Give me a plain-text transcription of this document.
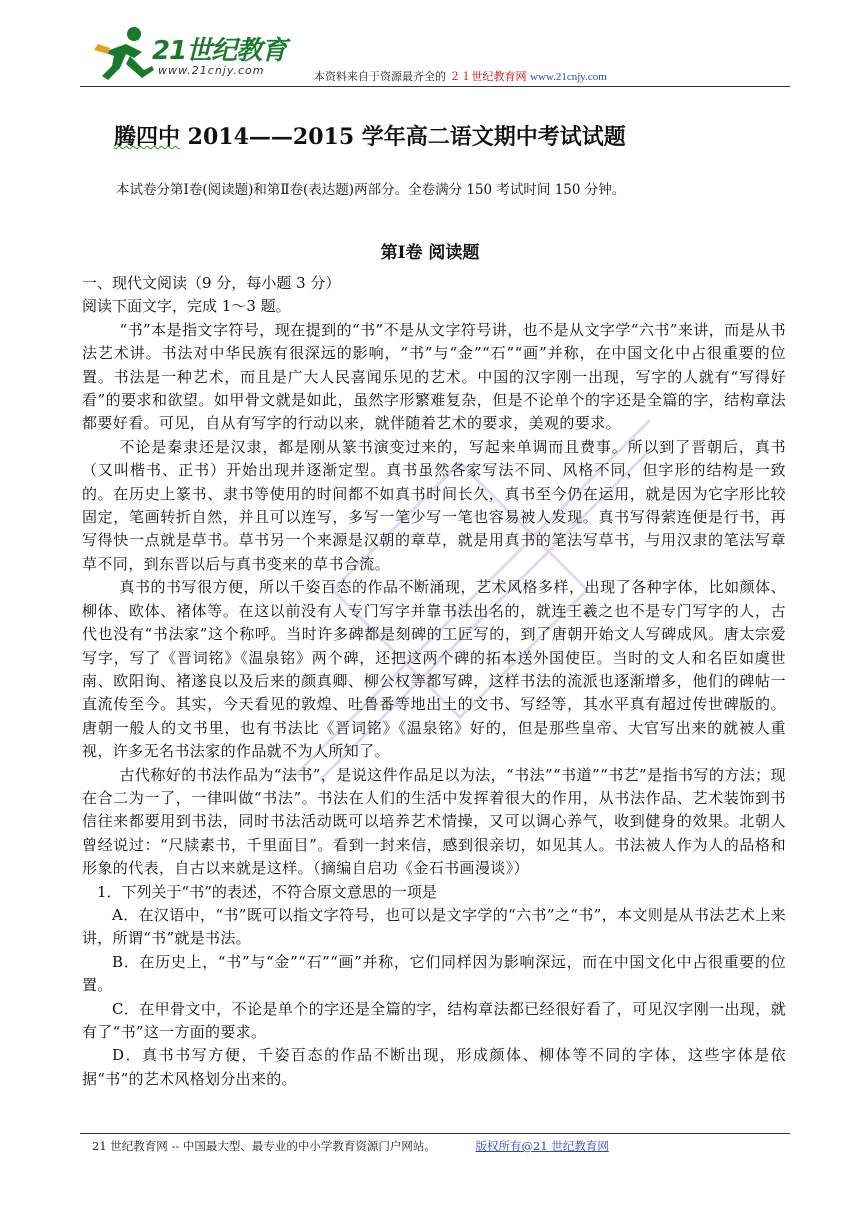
21世纪教育
www.21cnjy.com	本资料来自于资源最齐全的 ２１世纪教育网 www.21cnjy.com
腾四中 2014——2015 学年高二语文期中考试试题
本试卷分第Ⅰ卷(阅读题)和第Ⅱ卷(表达题)两部分。全卷满分 150 考试时间 150 分钟。
第Ⅰ卷 阅读题

一、现代文阅读（9 分，每小题 3 分）

阅读下面文字，完成 1～3 题。

“书”本是指文字符号，现在提到的“书”不是从文字符号讲，也不是从文字学“六书”来讲，而是从书法艺术讲。书法对中华民族有很深远的影响，“书”与“金”“石”“画”并称，在中国文化中占很重要的位置。书法是一种艺术，而且是广大人民喜闻乐见的艺术。中国的汉字刚一出现，写字的人就有“写得好看”的要求和欲望。如甲骨文就是如此，虽然字形繁难复杂，但是不论单个的字还是全篇的字，结构章法都要好看。可见，自从有写字的行动以来，就伴随着艺术的要求，美观的要求。

不论是秦隶还是汉隶，都是刚从篆书演变过来的，写起来单调而且费事。所以到了晋朝后，真书（又叫楷书、正书）开始出现并逐渐定型。真书虽然各家写法不同、风格不同，但字形的结构是一致的。在历史上篆书、隶书等使用的时间都不如真书时间长久，真书至今仍在运用，就是因为它字形比较固定，笔画转折自然，并且可以连写，多写一笔少写一笔也容易被人发现。真书写得萦连便是行书，再写得快一点就是草书。草书另一个来源是汉朝的章草，就是用真书的笔法写草书，与用汉隶的笔法写章草不同，到东晋以后与真书变来的草书合流。

真书的书写很方便，所以千姿百态的作品不断涌现，艺术风格多样，出现了各种字体，比如颜体、柳体、欧体、褚体等。在这以前没有人专门写字并靠书法出名的，就连王羲之也不是专门写字的人，古代也没有“书法家”这个称呼。当时许多碑都是刻碑的工匠写的，到了唐朝开始文人写碑成风。唐太宗爱写字，写了《晋词铭》《温泉铭》两个碑，还把这两个碑的拓本送外国使臣。当时的文人和名臣如虞世南、欧阳询、褚遂良以及后来的颜真卿、柳公权等都写碑，这样书法的流派也逐渐增多，他们的碑帖一直流传至今。其实，今天看见的敦煌、吐鲁番等地出土的文书、写经等，其水平真有超过传世碑版的。唐朝一般人的文书里，也有书法比《晋词铭》《温泉铭》好的，但是那些皇帝、大官写出来的就被人重视，许多无名书法家的作品就不为人所知了。

古代称好的书法作品为“法书”，是说这件作品足以为法，“书法”“书道”“书艺”是指书写的方法；现在合二为一了，一律叫做“书法”。书法在人们的生活中发挥着很大的作用，从书法作品、艺术装饰到书信往来都要用到书法，同时书法活动既可以培养艺术情操，又可以调心养气，收到健身的效果。北朝人曾经说过：“尺牍素书，千里面目”。看到一封来信，感到很亲切，如见其人。书法被人作为人的品格和形象的代表，自古以来就是这样。（摘编自启功《金石书画漫谈》）

1．下列关于“书”的表述，不符合原文意思的一项是

A．在汉语中，“书”既可以指文字符号，也可以是文字学的“六书”之“书”，本文则是从书法艺术上来讲，所谓“书”就是书法。

B．在历史上，“书”与“金”“石”“画”并称，它们同样因为影响深远，而在中国文化中占很重要的位置。

C．在甲骨文中，不论是单个的字还是全篇的字，结构章法都已经很好看了，可见汉字刚一出现，就有了“书”这一方面的要求。

D．真书书写方便，千姿百态的作品不断出现，形成颜体、柳体等不同的字体，这些字体是依据“书”的艺术风格划分出来的。

21 世纪教育网 -- 中国最大型、最专业的中小学教育资源门户网站。	版权所有@21 世纪教育网
